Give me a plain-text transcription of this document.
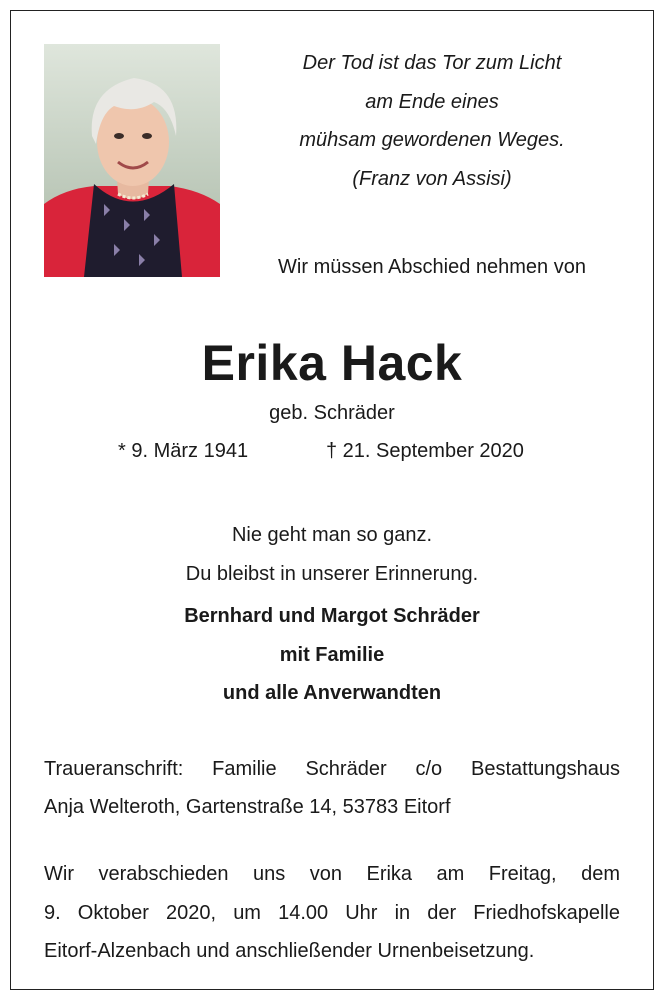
Der Tod ist das Tor zum Licht
am Ende eines
mühsam gewordenen Weges.
(Franz von Assisi)
Wir müssen Abschied nehmen von
Erika Hack
geb. Schräder
* 9. März 1941	† 21. September 2020
Nie geht man so ganz.
Du bleibst in unserer Erinnerung.
Bernhard und Margot Schräder
mit Familie
und alle Anverwandten
Traueranschrift: Familie Schräder c/o Bestattungshaus
Anja Welteroth, Gartenstraße 14, 53783 Eitorf
Wir verabschieden uns von Erika am Freitag, dem
9. Oktober 2020, um 14.00 Uhr in der Friedhofskapelle
Eitorf-Alzenbach und anschließender Urnenbeisetzung.
